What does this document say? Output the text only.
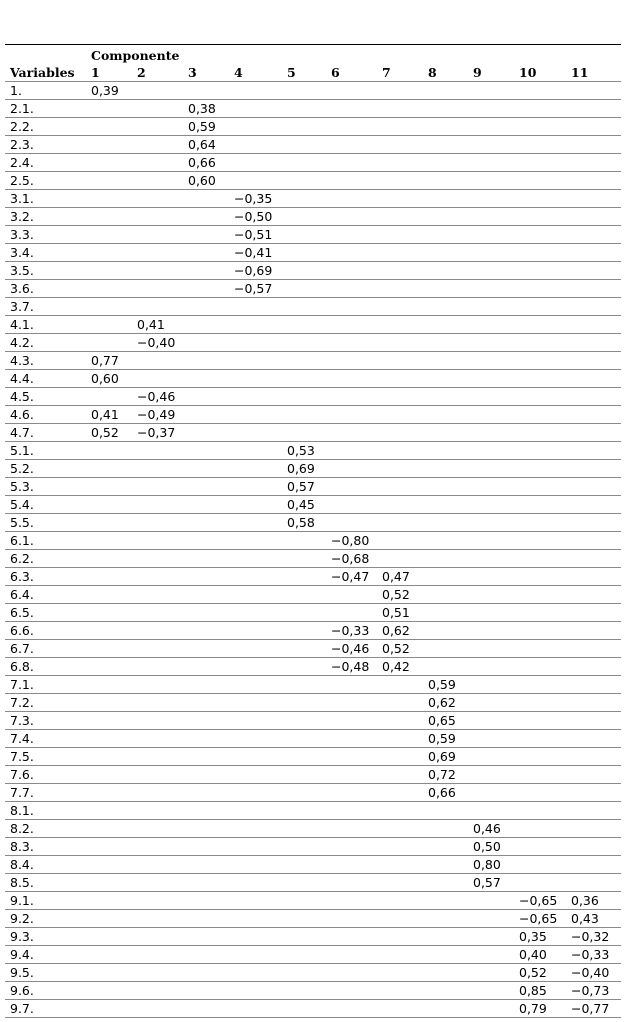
	Componente										
Variables	1	2	3	4	5	6	7	8	9	10	11
1.	0,39										
2.1.			0,38								
2.2.			0,59								
2.3.			0,64								
2.4.			0,66								
2.5.			0,60								
3.1.				−0,35							
3.2.				−0,50							
3.3.				−0,51							
3.4.				−0,41							
3.5.				−0,69							
3.6.				−0,57							
3.7.											
4.1.		0,41									
4.2.		−0,40									
4.3.	0,77										
4.4.	0,60										
4.5.		−0,46									
4.6.	0,41	−0,49									
4.7.	0,52	−0,37									
5.1.					0,53						
5.2.					0,69						
5.3.					0,57						
5.4.					0,45						
5.5.					0,58						
6.1.						−0,80					
6.2.						−0,68					
6.3.						−0,47	0,47				
6.4.							0,52				
6.5.							0,51				
6.6.						−0,33	0,62				
6.7.						−0,46	0,52				
6.8.						−0,48	0,42				
7.1.								0,59			
7.2.								0,62			
7.3.								0,65			
7.4.								0,59			
7.5.								0,69			
7.6.								0,72			
7.7.								0,66			
8.1.											
8.2.									0,46		
8.3.									0,50		
8.4.									0,80		
8.5.									0,57		
9.1.										−0,65	0,36
9.2.										−0,65	0,43
9.3.										0,35	−0,32
9.4.										0,40	−0,33
9.5.										0,52	−0,40
9.6.										0,85	−0,73
9.7.										0,79	−0,77
